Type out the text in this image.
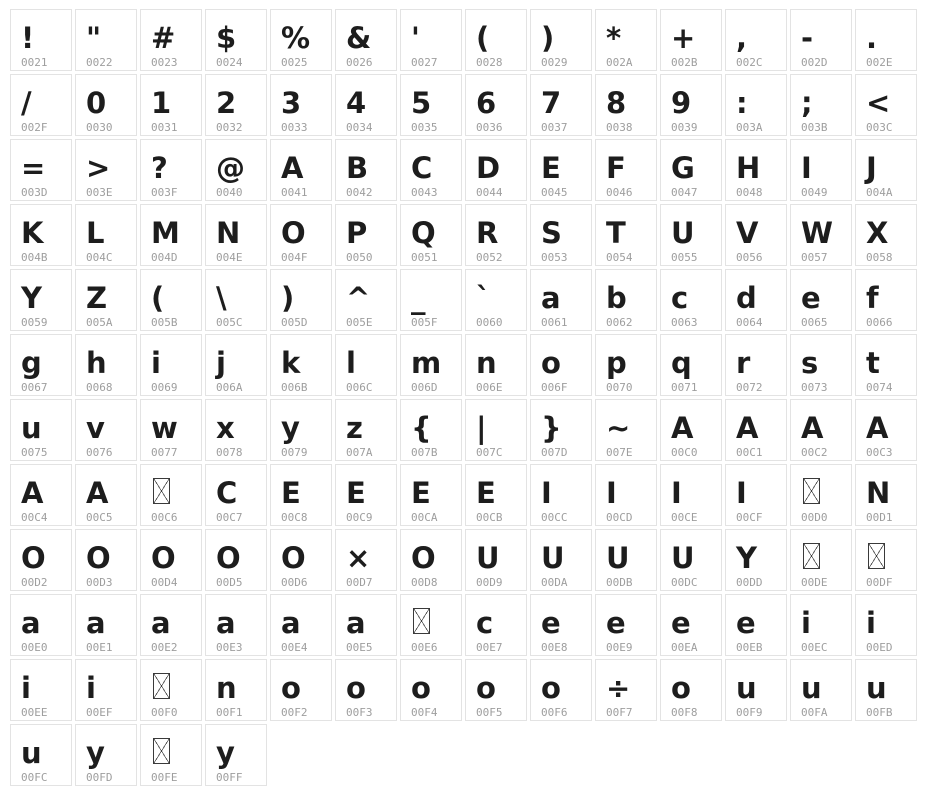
!
0021
"
0022
#
0023
$
0024
%
0025
&
0026
'
0027
(
0028
)
0029
*
002A
+
002B
,
002C
-
002D
.
002E
/
002F
0
0030
1
0031
2
0032
3
0033
4
0034
5
0035
6
0036
7
0037
8
0038
9
0039
:
003A
;
003B
<
003C
=
003D
>
003E
?
003F
@
0040
A
0041
B
0042
C
0043
D
0044
E
0045
F
0046
G
0047
H
0048
I
0049
J
004A
K
004B
L
004C
M
004D
N
004E
O
004F
P
0050
Q
0051
R
0052
S
0053
T
0054
U
0055
V
0056
W
0057
X
0058
Y
0059
Z
005A
(
005B
\
005C
)
005D
^
005E
_
005F
`
0060
a
0061
b
0062
c
0063
d
0064
e
0065
f
0066
g
0067
h
0068
i
0069
j
006A
k
006B
l
006C
m
006D
n
006E
o
006F
p
0070
q
0071
r
0072
s
0073
t
0074
u
0075
v
0076
w
0077
x
0078
y
0079
z
007A
{
007B
|
007C
}
007D
~
007E
A
00C0
A
00C1
A
00C2
A
00C3
A
00C4
A
00C5	00C6
C
00C7
E
00C8
E
00C9
E
00CA
E
00CB
I
00CC
I
00CD
I
00CE
I
00CF	00D0
N
00D1
O
00D2
O
00D3
O
00D4
O
00D5
O
00D6
×
00D7
O
00D8
U
00D9
U
00DA
U
00DB
U
00DC
Y
00DD	00DE	00DF
a
00E0
a
00E1
a
00E2
a
00E3
a
00E4
a
00E5	00E6
c
00E7
e
00E8
e
00E9
e
00EA
e
00EB
i
00EC
i
00ED
i
00EE
i
00EF	00F0
n
00F1
o
00F2
o
00F3
o
00F4
o
00F5
o
00F6
÷
00F7
o
00F8
u
00F9
u
00FA
u
00FB
u
00FC
y
00FD	00FE
y
00FF
